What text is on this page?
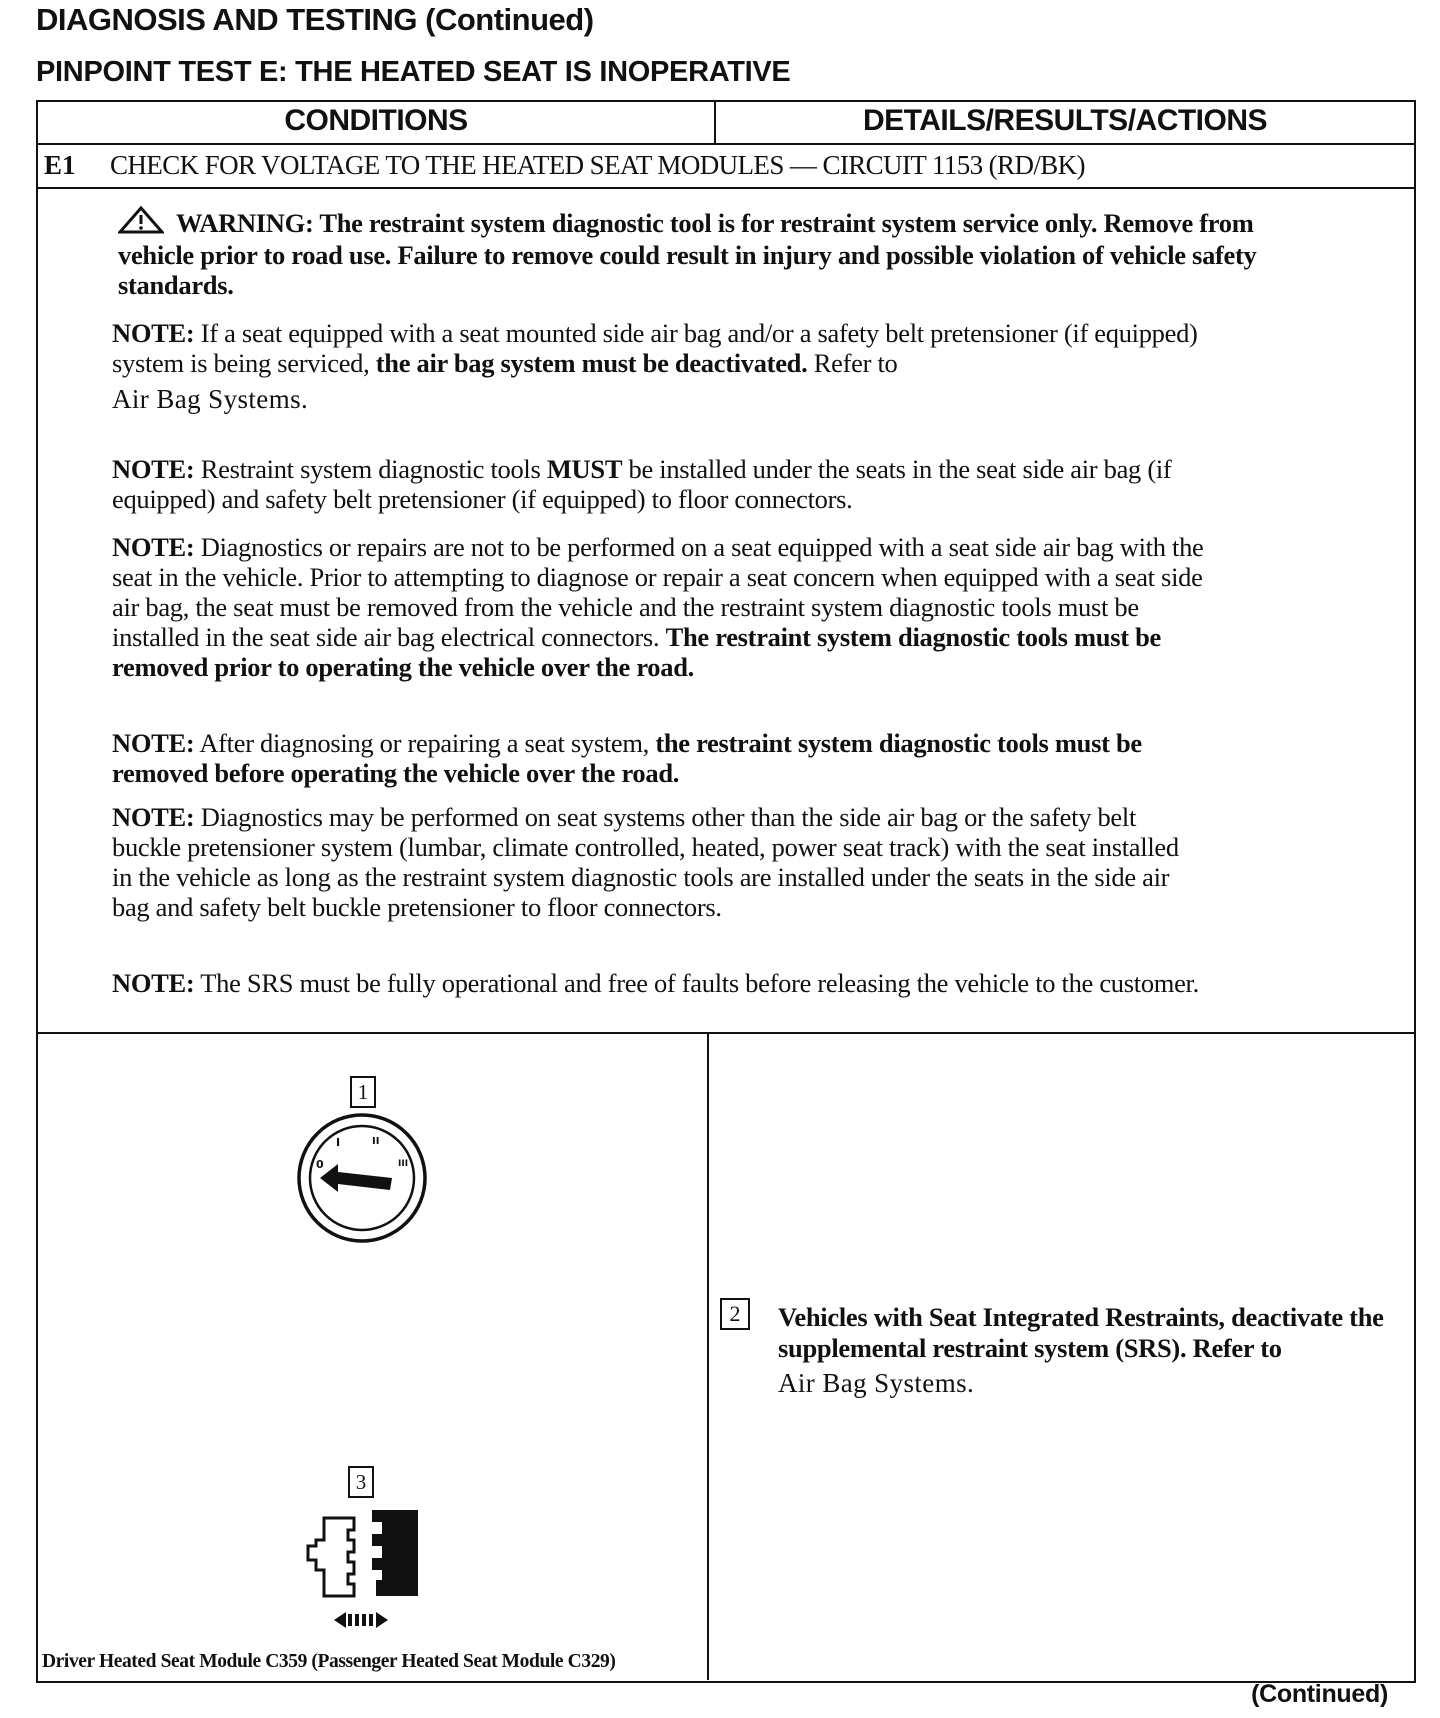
DIAGNOSIS AND TESTING (Continued)
PINPOINT TEST E: THE HEATED SEAT IS INOPERATIVE
CONDITIONS	DETAILS/RESULTS/ACTIONS
E1 CHECK FOR VOLTAGE TO THE HEATED SEAT MODULES — CIRCUIT 1153 (RD/BK)
WARNING: The restraint system diagnostic tool is for restraint system service only. Remove from vehicle prior to road use. Failure to remove could result in injury and possible violation of vehicle safety standards.
NOTE: If a seat equipped with a seat mounted side air bag and/or a safety belt pretensioner (if equipped) system is being serviced, the air bag system must be deactivated. Refer to
Air Bag Systems.
NOTE: Restraint system diagnostic tools MUST be installed under the seats in the seat side air bag (if equipped) and safety belt pretensioner (if equipped) to floor connectors.
NOTE: Diagnostics or repairs are not to be performed on a seat equipped with a seat side air bag with the seat in the vehicle. Prior to attempting to diagnose or repair a seat concern when equipped with a seat side air bag, the seat must be removed from the vehicle and the restraint system diagnostic tools must be installed in the seat side air bag electrical connectors. The restraint system diagnostic tools must be removed prior to operating the vehicle over the road.
NOTE: After diagnosing or repairing a seat system, the restraint system diagnostic tools must be removed before operating the vehicle over the road.
NOTE: Diagnostics may be performed on seat systems other than the side air bag or the safety belt buckle pretensioner system (lumbar, climate controlled, heated, power seat track) with the seat installed in the vehicle as long as the restraint system diagnostic tools are installed under the seats in the side air bag and safety belt buckle pretensioner to floor connectors.
NOTE: The SRS must be fully operational and free of faults before releasing the vehicle to the customer.
1
3
0
I	II
III
Driver Heated Seat Module C359 (Passenger Heated Seat Module C329)
2	Vehicles with Seat Integrated Restraints, deactivate the supplemental restraint system (SRS). Refer to
Air Bag Systems.
(Continued)
